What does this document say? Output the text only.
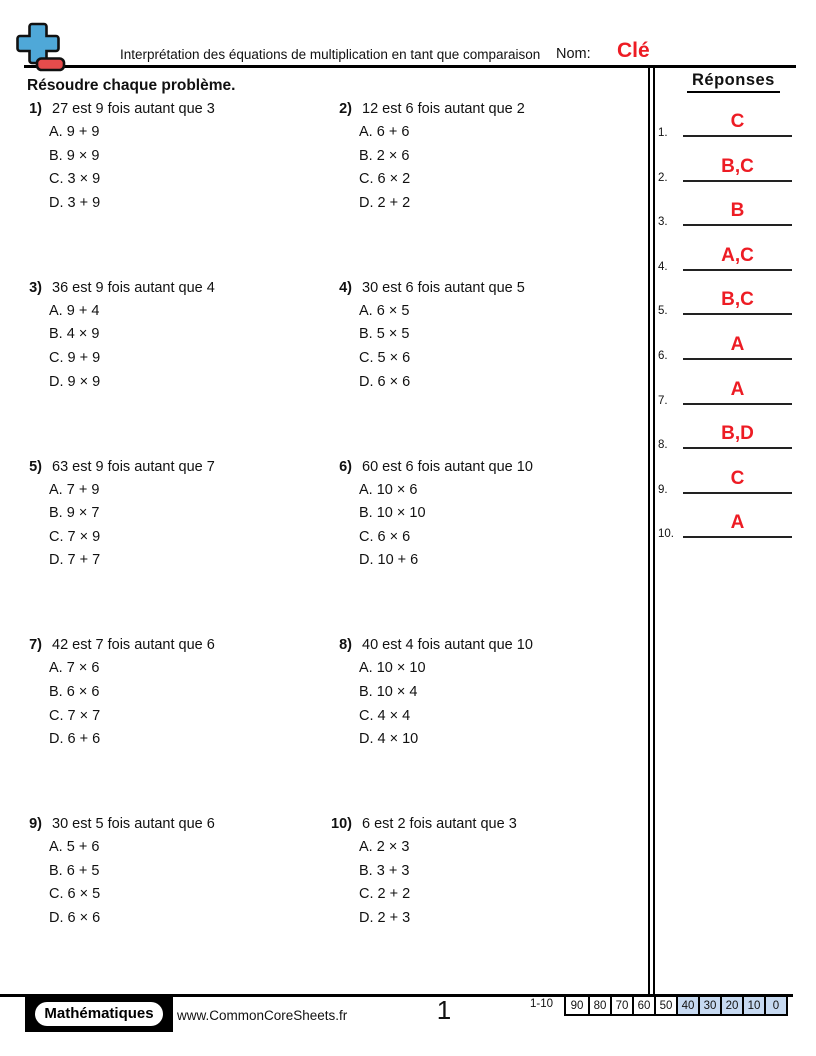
Interprétation des équations de multiplication en tant que comparaison Nom: Clé
Résoudre chaque problème.	Réponses
1.
C
2.
B,C
3.
B
4.
A,C
5.
B,C
6.
A
7.
A
8.
B,D
9.
C
10.
A
1) 27 est 9 fois autant que 3
A. 9 + 9
B. 9 × 9
C. 3 × 9
D. 3 + 9
2) 12 est 6 fois autant que 2
A. 6 + 6
B. 2 × 6
C. 6 × 2
D. 2 + 2
3) 36 est 9 fois autant que 4
A. 9 + 4
B. 4 × 9
C. 9 + 9
D. 9 × 9
4) 30 est 6 fois autant que 5
A. 6 × 5
B. 5 × 5
C. 5 × 6
D. 6 × 6
5) 63 est 9 fois autant que 7
A. 7 + 9
B. 9 × 7
C. 7 × 9
D. 7 + 7
6) 60 est 6 fois autant que 10
A. 10 × 6
B. 10 × 10
C. 6 × 6
D. 10 + 6
7) 42 est 7 fois autant que 6
A. 7 × 6
B. 6 × 6
C. 7 × 7
D. 6 + 6
8) 40 est 4 fois autant que 10
A. 10 × 10
B. 10 × 4
C. 4 × 4
D. 4 × 10
9) 30 est 5 fois autant que 6
A. 5 + 6
B. 6 + 5
C. 6 × 5
D. 6 × 6
10) 6 est 2 fois autant que 3
A. 2 × 3
B. 3 + 3
C. 2 + 2
D. 2 + 3
Mathématiques	www.CommonCoreSheets.fr	1	1-10	90 80 70 60 50 40 30 20 10	0
